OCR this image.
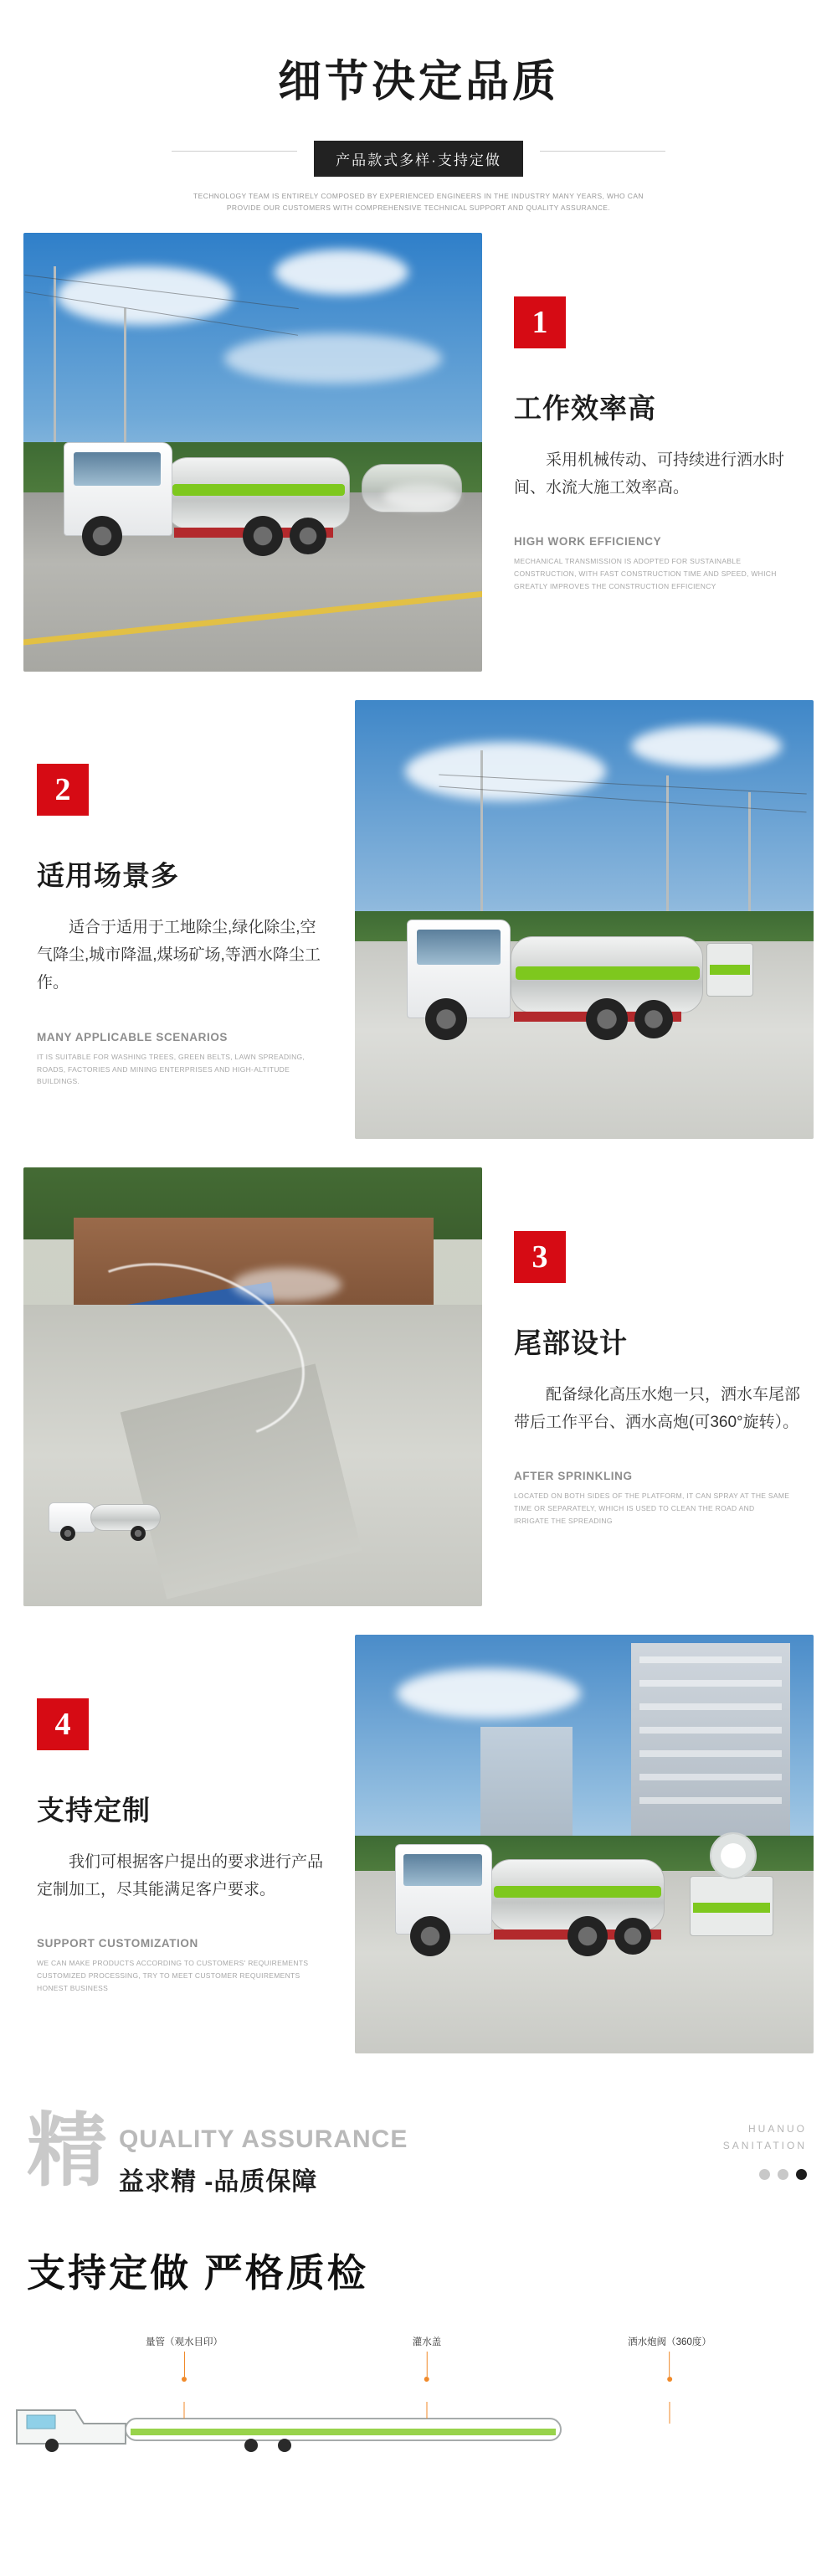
细节决定品质
产品款式多样·支持定做
TECHNOLOGY TEAM IS ENTIRELY COMPOSED BY EXPERIENCED ENGINEERS IN THE INDUSTRY MANY YEARS, WHO CAN PROVIDE OUR CUSTOMERS WITH COMPREHENSIVE TECHNICAL SUPPORT AND QUALITY ASSURANCE.
1
工作效率高

采用机械传动、可持续进行洒水时间、水流大施工效率高。

HIGH WORK EFFICIENCY
MECHANICAL TRANSMISSION IS ADOPTED FOR SUSTAINABLE CONSTRUCTION, WITH FAST CONSTRUCTION TIME AND SPEED, WHICH GREATLY IMPROVES THE CONSTRUCTION EFFICIENCY
2
适用场景多

适合于适用于工地除尘,绿化除尘,空气降尘,城市降温,煤场矿场,等洒水降尘工作。

MANY APPLICABLE SCENARIOS
IT IS SUITABLE FOR WASHING TREES, GREEN BELTS, LAWN SPREADING, ROADS, FACTORIES AND MINING ENTERPRISES AND HIGH-ALTITUDE BUILDINGS.
3
尾部设计

配备绿化高压水炮一只，洒水车尾部带后工作平台、洒水高炮(可360°旋转）。

AFTER SPRINKLING
LOCATED ON BOTH SIDES OF THE PLATFORM, IT CAN SPRAY AT THE SAME TIME OR SEPARATELY, WHICH IS USED TO CLEAN THE ROAD AND IRRIGATE THE SPREADING
4
支持定制

我们可根据客户提出的要求进行产品定制加工，尽其能满足客户要求。

SUPPORT CUSTOMIZATION
WE CAN MAKE PRODUCTS ACCORDING TO CUSTOMERS' REQUIREMENTS CUSTOMIZED PROCESSING, TRY TO MEET CUSTOMER REQUIREMENTS HONEST BUSINESS
精 QUALITY ASSURANCE
益求精 -品质保障
HUANUO
SANITATION
支持定做 严格质检
量管（观水目印）	灌水盖	洒水炮阀（360度）
